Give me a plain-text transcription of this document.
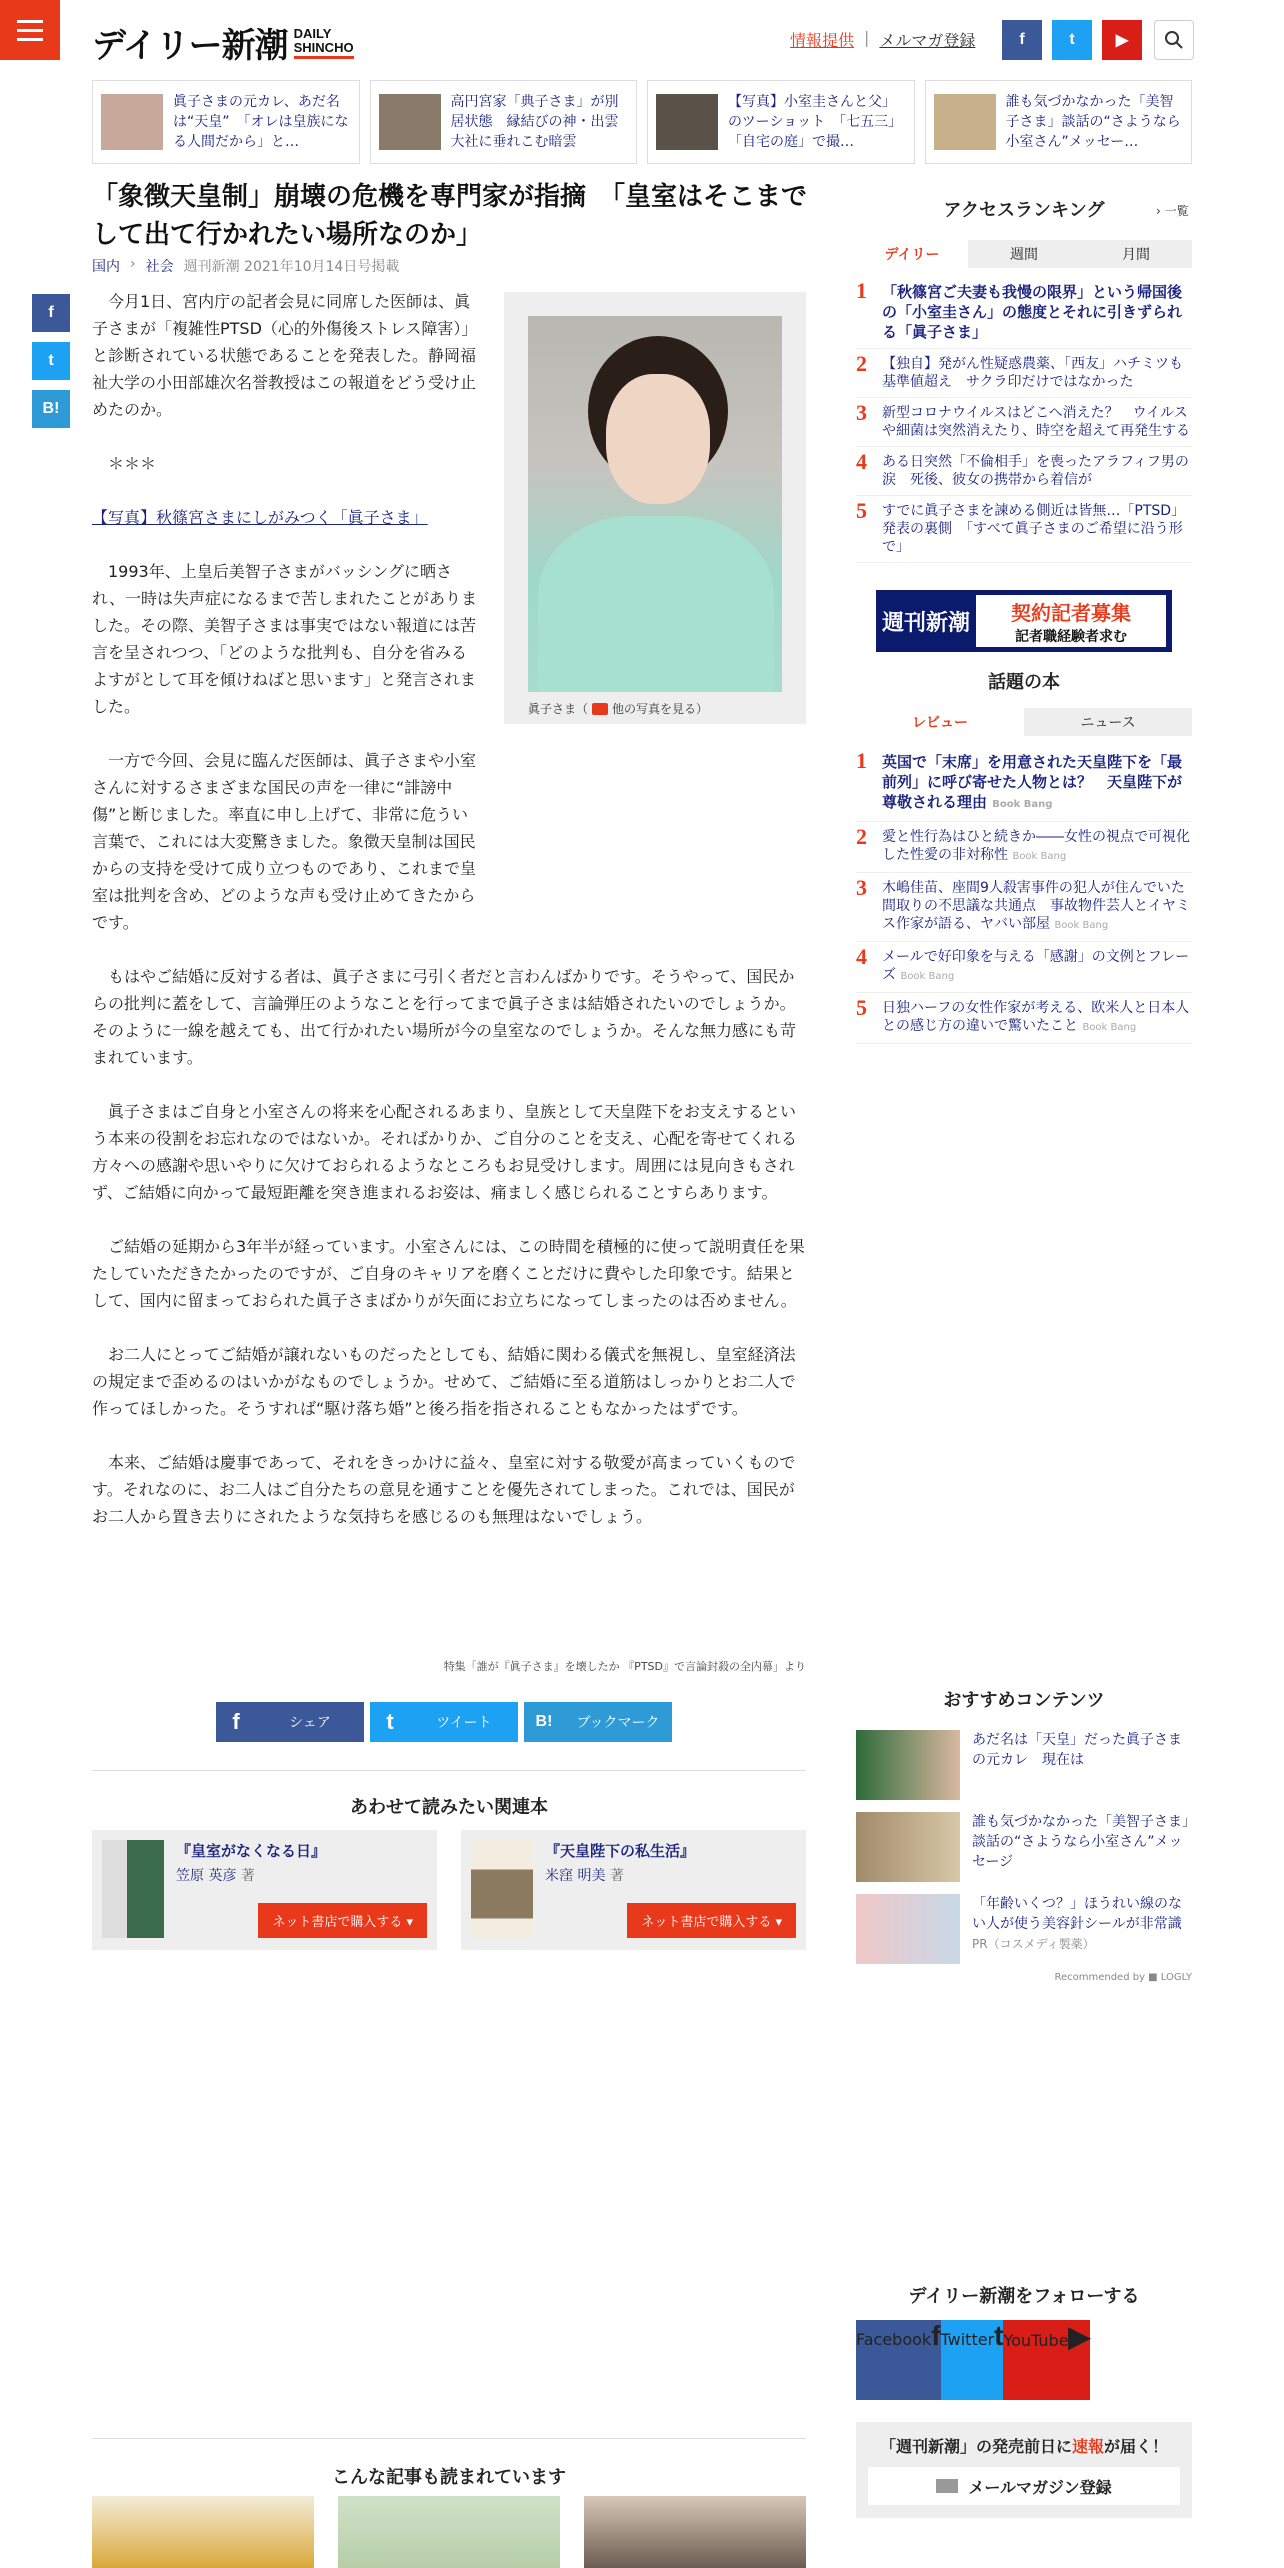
デイリー新潮 DAILY
SHINCHO	情報提供 | メルマガ登録	f	t	▶
眞子さまの元カレ、あだ名は“天皇”　「オレは皇族になる人間だから」と…
高円宮家「典子さま」が別居状態　縁結びの神・出雲大社に垂れこむ暗雲
【写真】小室圭さんと父」のツーショット　「七五三」「自宅の庭」で撮…
誰も気づかなかった「美智子さま」談話の“さようなら小室さん”メッセー…
「象徴天皇制」崩壊の危機を専門家が指摘　「皇室はそこまでして出て行かれたい場所なのか」
国内 › 社会 週刊新潮 2021年10月14日号掲載
f
t
B!
眞子さま（ 他の写真を見る）

今月1日、宮内庁の記者会見に同席した医師は、眞子さまが「複雑性PTSD（心的外傷後ストレス障害）」と診断されている状態であることを発表した。静岡福祉大学の小田部雄次名誉教授はこの報道をどう受け止めたのか。

＊＊＊

【写真】秋篠宮さまにしがみつく「眞子さま」

1993年、上皇后美智子さまがバッシングに晒され、一時は失声症になるまで苦しまれたことがありました。その際、美智子さまは事実ではない報道には苦言を呈されつつ、「どのような批判も、自分を省みるよすがとして耳を傾けねばと思います」と発言されました。

一方で今回、会見に臨んだ医師は、眞子さまや小室さんに対するさまざまな国民の声を一律に“誹謗中傷”と断じました。率直に申し上げて、非常に危うい言葉で、これには大変驚きました。象徴天皇制は国民からの支持を受けて成り立つものであり、これまで皇室は批判を含め、どのような声も受け止めてきたからです。

もはやご結婚に反対する者は、眞子さまに弓引く者だと言わんばかりです。そうやって、国民からの批判に蓋をして、言論弾圧のようなことを行ってまで眞子さまは結婚されたいのでしょうか。そのように一線を越えても、出て行かれたい場所が今の皇室なのでしょうか。そんな無力感にも苛まれています。

眞子さまはご自身と小室さんの将来を心配されるあまり、皇族として天皇陛下をお支えするという本来の役割をお忘れなのではないか。そればかりか、ご自分のことを支え、心配を寄せてくれる方々への感謝や思いやりに欠けておられるようなところもお見受けします。周囲には見向きもされず、ご結婚に向かって最短距離を突き進まれるお姿は、痛ましく感じられることすらあります。

ご結婚の延期から3年半が経っています。小室さんには、この時間を積極的に使って説明責任を果たしていただきたかったのですが、ご自身のキャリアを磨くことだけに費やした印象です。結果として、国内に留まっておられた眞子さまばかりが矢面にお立ちになってしまったのは否めません。

お二人にとってご結婚が譲れないものだったとしても、結婚に関わる儀式を無視し、皇室経済法の規定まで歪めるのはいかがなものでしょうか。せめて、ご結婚に至る道筋はしっかりとお二人で作ってほしかった。そうすれば“駆け落ち婚”と後ろ指を指されることもなかったはずです。

本来、ご結婚は慶事であって、それをきっかけに益々、皇室に対する敬愛が高まっていくものです。それなのに、お二人はご自分たちの意見を通すことを優先されてしまった。これでは、国民がお二人から置き去りにされたような気持ちを感じるのも無理はないでしょう。

特集「誰が『眞子さま』を壊したか 『PTSD』で言論封殺の全内幕」より
f	シェア	t	ツイート	B!	ブックマーク
あわせて読みたい関連本
『皇室がなくなる日』
笠原 英彦 著
ネット書店で購入する ▾
『天皇陛下の私生活』
米窪 明美 著
ネット書店で購入する ▾
こんな記事も読まれています
アクセスランキング	› 一覧
デイリー	週間	月間
1	「秋篠宮ご夫妻も我慢の限界」という帰国後の「小室圭さん」の態度とそれに引きずられる「眞子さま」
2	【独自】発がん性疑惑農薬、「西友」ハチミツも基準値超え　サクラ印だけではなかった
3	新型コロナウイルスはどこへ消えた？　ウイルスや細菌は突然消えたり、時空を超えて再発生する
4	ある日突然「不倫相手」を喪ったアラフィフ男の涙　死後、彼女の携帯から着信が
5	すでに眞子さまを諫める側近は皆無…「PTSD」発表の裏側　「すべて眞子さまのご希望に沿う形で」
週刊新潮 契約記者募集
記者職経験者求む
話題の本
レビュー	ニュース
1	英国で「末席」を用意された天皇陛下を「最前列」に呼び寄せた人物とは？　天皇陛下が尊敬される理由 Book Bang
2	愛と性行為はひと続きか――女性の視点で可視化した性愛の非対称性 Book Bang
3	木嶋佳苗、座間9人殺害事件の犯人が住んでいた間取りの不思議な共通点　事故物件芸人とイヤミス作家が語る、ヤバい部屋 Book Bang
4	メールで好印象を与える「感謝」の文例とフレーズ Book Bang
5	日独ハーフの女性作家が考える、欧米人と日本人との感じ方の違いで驚いたこと Book Bang
おすすめコンテンツ
あだ名は「天皇」だった眞子さまの元カレ　現在は
誰も気づかなかった「美智子さま」談話の“さようなら小室さん”メッセージ
「年齢いくつ？」ほうれい線のない人が使う美容針シールが非常識
PR（コスメディ製薬）
Recommended by ■ LOGLY
デイリー新潮をフォローする
Facebookf Twittert YouTube▶
「週刊新潮」の発売前日に速報が届く！
メールマガジン登録
